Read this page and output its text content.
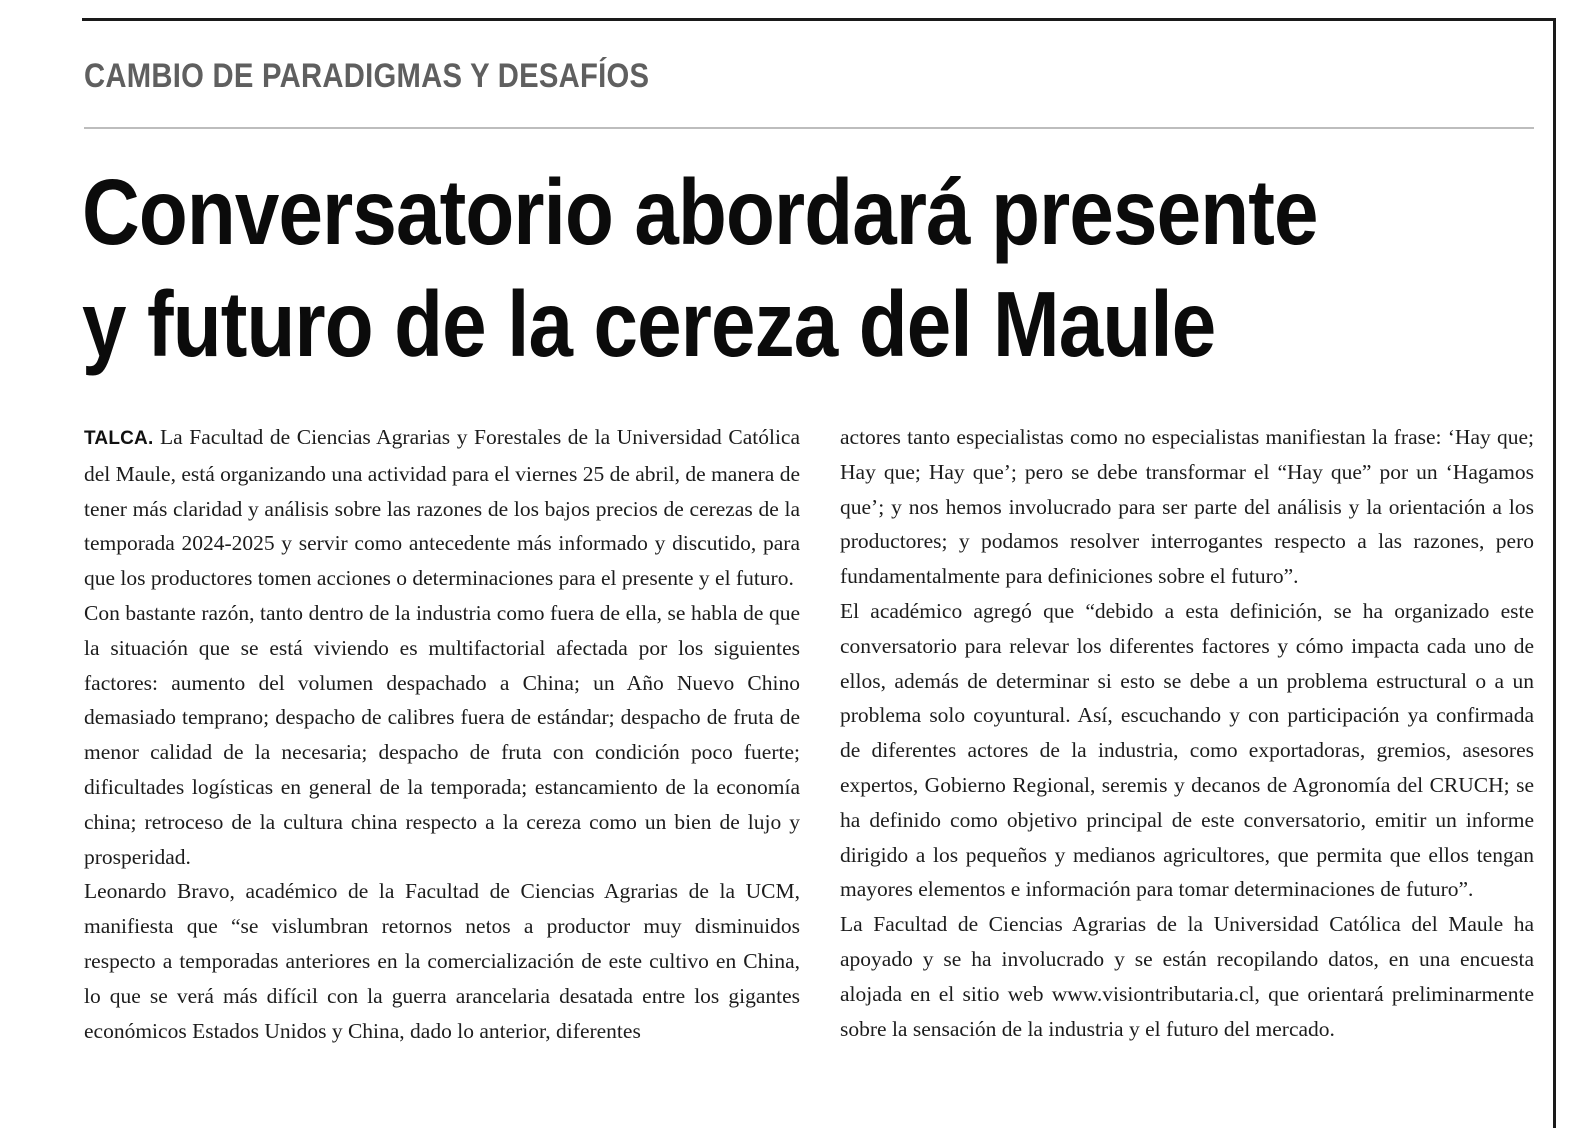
CAMBIO DE PARADIGMAS Y DESAFÍOS
Conversatorio abordará presente
y futuro de la cereza del Maule

TALCA. La Facultad de Ciencias Agrarias y Forestales de la Universidad Católica del Maule, está organizando una actividad para el viernes 25 de abril, de manera de tener más claridad y análisis sobre las razones de los bajos precios de cerezas de la temporada 2024-2025 y servir como antecedente más informado y discutido, para que los productores tomen acciones o determinaciones para el presente y el futuro.

Con bastante razón, tanto dentro de la industria como fuera de ella, se habla de que la situación que se está viviendo es multifactorial afectada por los siguientes factores: aumento del volumen despachado a China; un Año Nuevo Chino demasiado temprano; despacho de calibres fuera de estándar; despacho de fruta de menor calidad de la necesaria; despacho de fruta con condición poco fuerte; dificultades logísticas en general de la temporada; estancamiento de la economía china; retroceso de la cultura china respecto a la cereza como un bien de lujo y prosperidad.

Leonardo Bravo, académico de la Facultad de Ciencias Agrarias de la UCM, manifiesta que “se vislumbran retornos netos a productor muy disminuidos respecto a temporadas anteriores en la comercialización de este cultivo en China, lo que se verá más difícil con la guerra arancelaria desatada entre los gigantes económicos Estados Unidos y China, dado lo anterior, diferentes

actores tanto especialistas como no especialistas manifiestan la frase: ‘Hay que; Hay que; Hay que’; pero se debe transformar el “Hay que” por un ‘Hagamos que’; y nos hemos involucrado para ser parte del análisis y la orientación a los productores; y podamos resolver interrogantes respecto a las razones, pero fundamentalmente para definiciones sobre el futuro”.

El académico agregó que “debido a esta definición, se ha organizado este conversatorio para relevar los diferentes factores y cómo impacta cada uno de ellos, además de determinar si esto se debe a un problema estructural o a un problema solo coyuntural. Así, escuchando y con participación ya confirmada de diferentes actores de la industria, como exportadoras, gremios, asesores expertos, Gobierno Regional, seremis y decanos de Agronomía del CRUCH; se ha definido como objetivo principal de este conversatorio, emitir un informe dirigido a los pequeños y medianos agricultores, que permita que ellos tengan mayores elementos e información para tomar determinaciones de futuro”.

La Facultad de Ciencias Agrarias de la Universidad Católica del Maule ha apoyado y se ha involucrado y se están recopilando datos, en una encuesta alojada en el sitio web www.visiontributaria.cl, que orientará preliminarmente sobre la sensación de la industria y el futuro del mercado.
